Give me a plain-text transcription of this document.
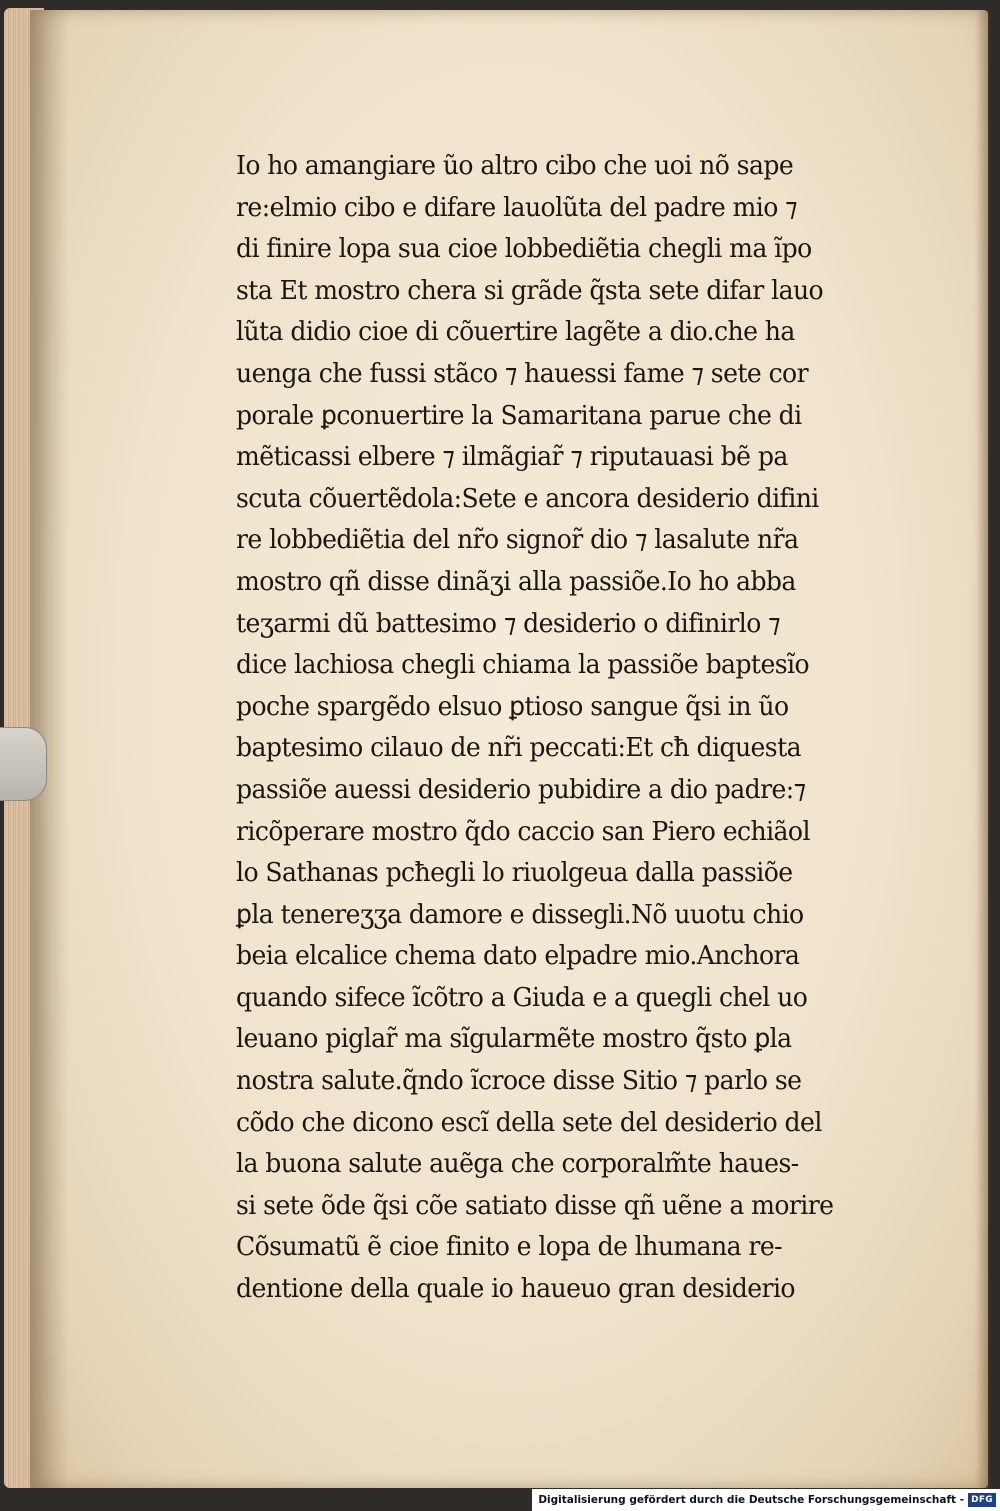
Io ho amangiare ũo altro cibo che uoi nõ sape
re:elmio cibo e difare lauolũta del padre mio ⁊
di finire lopa sua cioe lobbediẽtia chegli ma ĩpo
sta Et mostro chera si grãde q̃sta sete difar lauo
lũta didio cioe di cõuertire lagẽte a dio.che ha
uenga che fussi stãco ⁊ hauessi fame ⁊ sete cor
porale ꝑconuertire la Samaritana parue che di
mẽticassi elbere ⁊ ilmãgiar̃ ⁊ riputauasi bẽ pa
scuta cõuertẽdola:Sete e ancora desiderio difini
re lobbediẽtia del nr̃o signor̃ dio ⁊ lasalute nr̃a
mostro qñ disse dinãʒi alla passiõe.Io ho abba
teʒarmi dũ battesimo ⁊ desiderio o difinirlo ⁊
dice lachiosa chegli chiama la passiõe baptesĩo
poche spargẽdo elsuo ꝑtioso sangue q̃si in ũo
baptesimo cilauo de nr̃i peccati:Et cħ diquesta
passiõe auessi desiderio pubidire a dio padre:⁊
ricõperare mostro q̃do caccio san Piero echiãol
lo Sathanas pcħegli lo riuolgeua dalla passiõe
ꝑla tenereʒʒa damore e dissegli.Nõ uuotu chio
beia elcalice chema dato elpadre mio.Anchora
quando sifece ĩcõtro a Giuda e a quegli chel uo
leuano piglar̃ ma sĩgularmẽte mostro q̃sto ꝑla
nostra salute.q̃ndo ĩcroce disse Sitio ⁊ parlo se
cõdo che dicono escĩ della sete del desiderio del
la buona salute auẽga che corporalm̃te haues-
si sete õde q̃si cõe satiato disse qñ uẽne a morire
Cõsumatũ ẽ cioe finito e lopa de lhumana re-
dentione della quale io haueuo gran desiderio
Digitalisierung gefördert durch die Deutsche Forschungsgemeinschaft - DFG
